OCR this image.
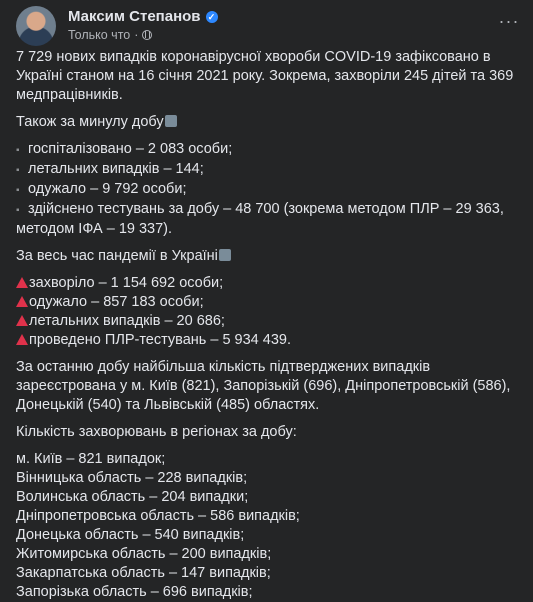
Максим Степанов ✓
Только что ·
···

7 729 нових випадків коронавірусної хвороби COVID-19 зафіксовано в Україні станом на 16 січня 2021 року. Зокрема, захворіли 245 дітей та 369 медпрацівників.

Також за минулу добу

▪ госпіталізовано – 2 083 особи;

▪ летальних випадків – 144;

▪ одужало – 9 792 особи;

▪ здійснено тестувань за добу – 48 700 (зокрема методом ПЛР – 29 363, методом ІФА – 19 337).

За весь час пандемії в Україні

захворіло – 1 154 692 особи;

одужало – 857 183 особи;

летальних випадків – 20 686;

проведено ПЛР-тестувань – 5 934 439.

За останню добу найбільша кількість підтверджених випадків зареєстрована у м. Київ (821), Запорізькій (696), Дніпропетровській (586), Донецькій (540) та Львівській (485) областях.

Кількість захворювань в регіонах за добу:

м. Київ – 821 випадок;

Вінницька область – 228 випадків;

Волинська область – 204 випадки;

Дніпропетровська область – 586 випадків;

Донецька область – 540 випадків;

Житомирська область – 200 випадків;

Закарпатська область – 147 випадків;

Запорізька область – 696 випадків;
